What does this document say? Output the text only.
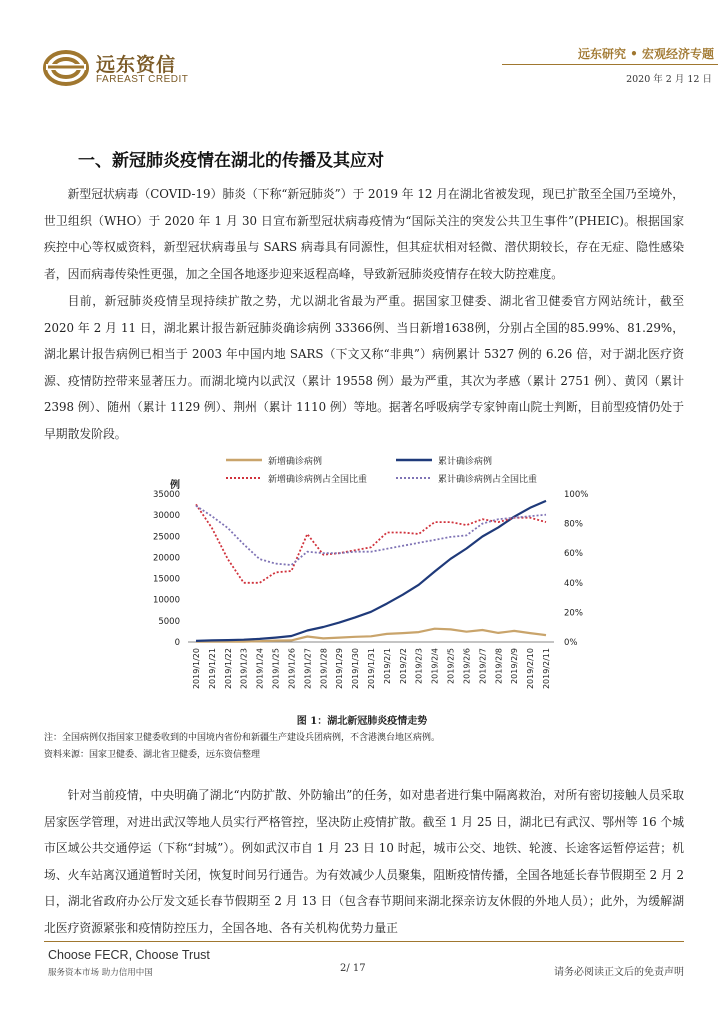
远东资信
FAREAST CREDIT
远东研究 • 宏观经济专题
2020 年 2 月 12 日
一、新冠肺炎疫情在湖北的传播及其应对

新型冠状病毒（COVID-19）肺炎（下称“新冠肺炎”）于 2019 年 12 月在湖北省被发现，现已扩散至全国乃至境外，世卫组织（WHO）于 2020 年 1 月 30 日宣布新型冠状病毒疫情为“国际关注的突发公共卫生事件”(PHEIC)。根据国家疾控中心等权威资料，新型冠状病毒虽与 SARS 病毒具有同源性，但其症状相对轻微、潜伏期较长，存在无症、隐性感染者，因而病毒传染性更强，加之全国各地逐步迎来返程高峰，导致新冠肺炎疫情存在较大防控难度。

目前，新冠肺炎疫情呈现持续扩散之势，尤以湖北省最为严重。据国家卫健委、湖北省卫健委官方网站统计，截至 2020 年 2 月 11 日，湖北累计报告新冠肺炎确诊病例 33366例、当日新增1638例，分别占全国的85.99%、81.29%，湖北累计报告病例已相当于 2003 年中国内地 SARS（下文又称“非典”）病例累计 5327 例的 6.26 倍，对于湖北医疗资源、疫情防控带来显著压力。而湖北境内以武汉（累计 19558 例）最为严重，其次为孝感（累计 2751 例）、黄冈（累计 2398 例）、随州（累计 1129 例）、荆州（累计 1110 例）等地。据著名呼吸病学专家钟南山院士判断，目前型疫情仍处于早期散发阶段。

新增确诊病例	累计确诊病例
新增确诊病例占全国比重	累计确诊病例占全国比重
例
35000
30000
25000
20000
15000
10000
5000
0
100%
80%
60%
40%
20%
0%
2019/1/20 2019/1/21 2019/1/22 2019/1/23 2019/1/24 2019/1/25 2019/1/26 2019/1/27 2019/1/28 2019/1/29 2019/1/30 2019/1/31 2019/2/1 2019/2/2 2019/2/3 2019/2/4 2019/2/5 2019/2/6 2019/2/7 2019/2/8 2019/2/9 2019/2/10 2019/2/11
图 1：湖北新冠肺炎疫情走势
注：全国病例仅指国家卫健委收到的中国境内省份和新疆生产建设兵团病例，不含港澳台地区病例。
资料来源：国家卫健委、湖北省卫健委，远东资信整理

针对当前疫情，中央明确了湖北“内防扩散、外防输出”的任务，如对患者进行集中隔离救治，对所有密切接触人员采取居家医学管理，对进出武汉等地人员实行严格管控，坚决防止疫情扩散。截至 1 月 25 日，湖北已有武汉、鄂州等 16 个城市区域公共交通停运（下称“封城”）。例如武汉市自 1 月 23 日 10 时起，城市公交、地铁、轮渡、长途客运暂停运营；机场、火车站离汉通道暂时关闭，恢复时间另行通告。为有效减少人员聚集，阻断疫情传播，全国各地延长春节假期至 2 月 2 日，湖北省政府办公厅发文延长春节假期至 2 月 13 日（包含春节期间来湖北探亲访友休假的外地人员）；此外，为缓解湖北医疗资源紧张和疫情防控压力，全国各地、各有关机构优势力量正

Choose FECR, Choose Trust
服务资本市场 助力信用中国	2/ 17	请务必阅读正文后的免责声明
